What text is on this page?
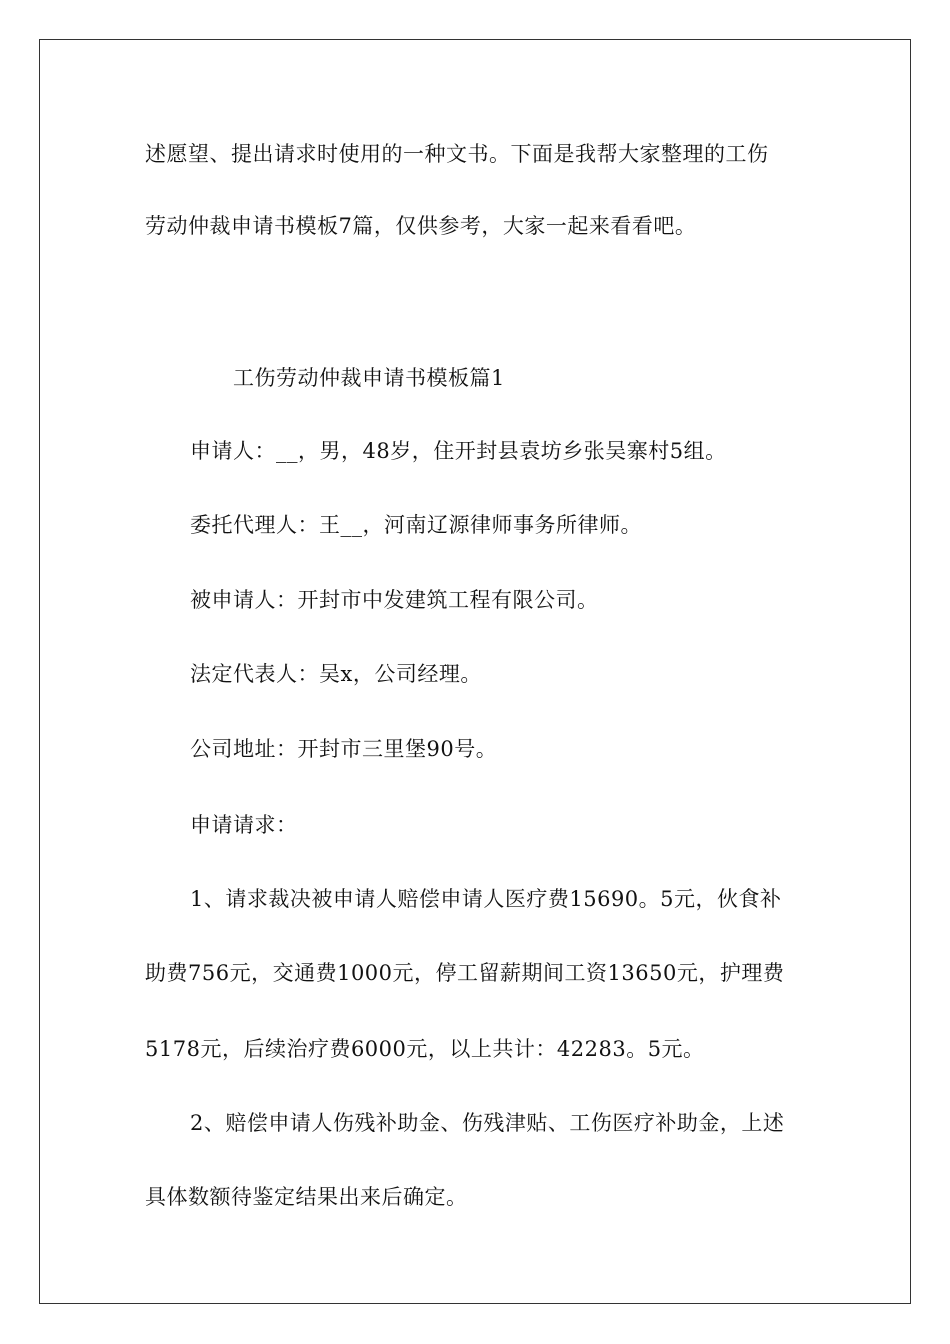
述愿望、提出请求时使用的一种文书。下面是我帮大家整理的工伤
劳动仲裁申请书模板7篇，仅供参考，大家一起来看看吧。
工伤劳动仲裁申请书模板篇1
申请人：__，男，48岁，住开封县袁坊乡张吴寨村5组。
委托代理人：王__，河南辽源律师事务所律师。
被申请人：开封市中发建筑工程有限公司。
法定代表人：吴x，公司经理。
公司地址：开封市三里堡90号。
申请请求：
1、请求裁决被申请人赔偿申请人医疗费15690。5元，伙食补
助费756元，交通费1000元，停工留薪期间工资13650元，护理费
5178元，后续治疗费6000元，以上共计：42283。5元。
2、赔偿申请人伤残补助金、伤残津贴、工伤医疗补助金，上述
具体数额待鉴定结果出来后确定。
